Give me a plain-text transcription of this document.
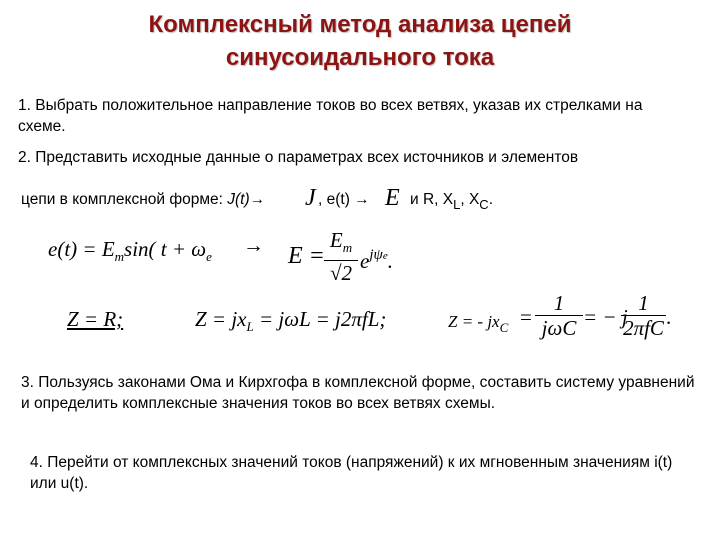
Комплексный метод анализа цепей
синусоидального тока
1. Выбрать положительное направление токов во всех ветвях, указав их стрелками на схеме.
2. Представить исходные данные о параметрах всех источников и элементов
цепи в комплексной форме: J(t)→ J , e(t) → E и R, $X_L$, $X_C$.
$e(t) = E_m\sin$( $t + \omega_e \to E = \frac{E_m}{√2} e^{j\psi e}$.
Z = R;	$Z = jx_L = j\omega L = j2\pi fL$;	Z = - $jx_C$ =
1
jωC = − j
1
2πfC .
3. Пользуясь законами Ома и Кирхгофа в комплексной форме, составить систему уравнений и определить комплексные значения токов во всех ветвях схемы.
4. Перейти от комплексных значений токов (напряжений) к их мгновенным значениям i(t) или u(t).
